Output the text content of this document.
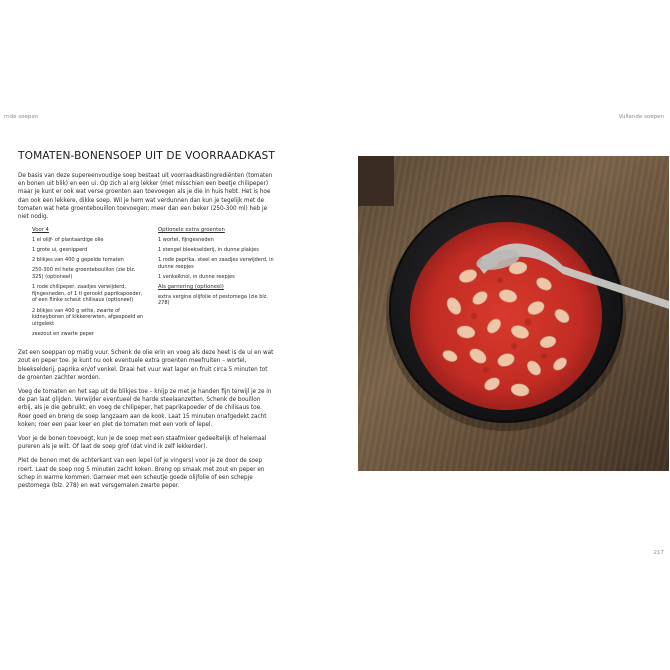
rnde soepen	Vullende soepen
217
TOMATEN-BONENSOEP UIT DE VOORRAADKAST

De basis van deze supereenvoudige soep bestaat uit voorraadkastingrediënten (tomaten en bonen uit blik) en een ui. Op zich al erg lekker (met misschien een beetje chilipeper) maar je kunt er ook wat verse groenten aan toevoegen als je die in huis hebt. Het is hoe dan ook een lekkere, dikke soep. Wil je hem wat verdunnen dan kun je tegelijk met de tomaten wat hete groentebouillon toevoegen; meer dan een beker (250-300 ml) heb je niet nodig.

Voor 4
1 el olijf- of plantaardige olie
1 grote ui, gesnipperd
2 blikjes van 400 g gepelde tomaten
250-300 ml hete groentebouillon (zie blz. 325) (optioneel)
1 rode chilipeper, zaadjes verwijderd, fijngesneden, of 1 tl gerookt paprikapoeder, of een flinke scheut chilisaus (optioneel)
2 blikjes van 400 g witte, zwarte of kidneybonen of kikkererwten, afgespoeld en uitgelekt
zeezout en zwarte peper
Optionele extra groenten
1 wortel, fijngesneden
1 stengel bleekselderij, in dunne plakjes
1 rode paprika, steel en zaadjes verwijderd, in dunne reepjes
1 venkelknol, in dunne reepjes
Als garnering (optioneel)
extra vergine olijfolie of pestomega (zie blz. 278)

Zet een soeppan op matig vuur. Schenk de olie erin en voeg als deze heet is de ui en wat zout en peper toe. Je kunt nu ook eventuele extra groenten meefruiten – wortel, bleekselderij, paprika en/of venkel. Draai het vuur wat lager en fruit circa 5 minuten tot de groenten zachter worden.

Voeg de tomaten en het sap uit de blikjes toe – knijp ze met je handen fijn terwijl je ze in de pan laat glijden. Verwijder eventueel de harde steelaanzetten. Schenk de bouillon erbij, als je die gebruikt, en voeg de chilipeper, het paprikapoeder of de chilisaus toe. Roer goed en breng de soep langzaam aan de kook. Laat 15 minuten onafgedekt zacht koken; roer een paar keer en plet de tomaten met een vork of lepel.

Voor je de bonen toevoegt, kun je de soep met een staafmixer gedeeltelijk of helemaal pureren als je wilt. Of laat de soep grof (dat vind ik zelf lekkerder).

Plet de bonen met de achterkant van een lepel (of je vingers) voor je ze door de soep roert. Laat de soep nog 5 minuten zacht koken. Breng op smaak met zout en peper en schep in warme kommen. Garneer met een scheutje goede olijfolie of een schepje pestomega (blz. 278) en wat versgemalen zwarte peper.
